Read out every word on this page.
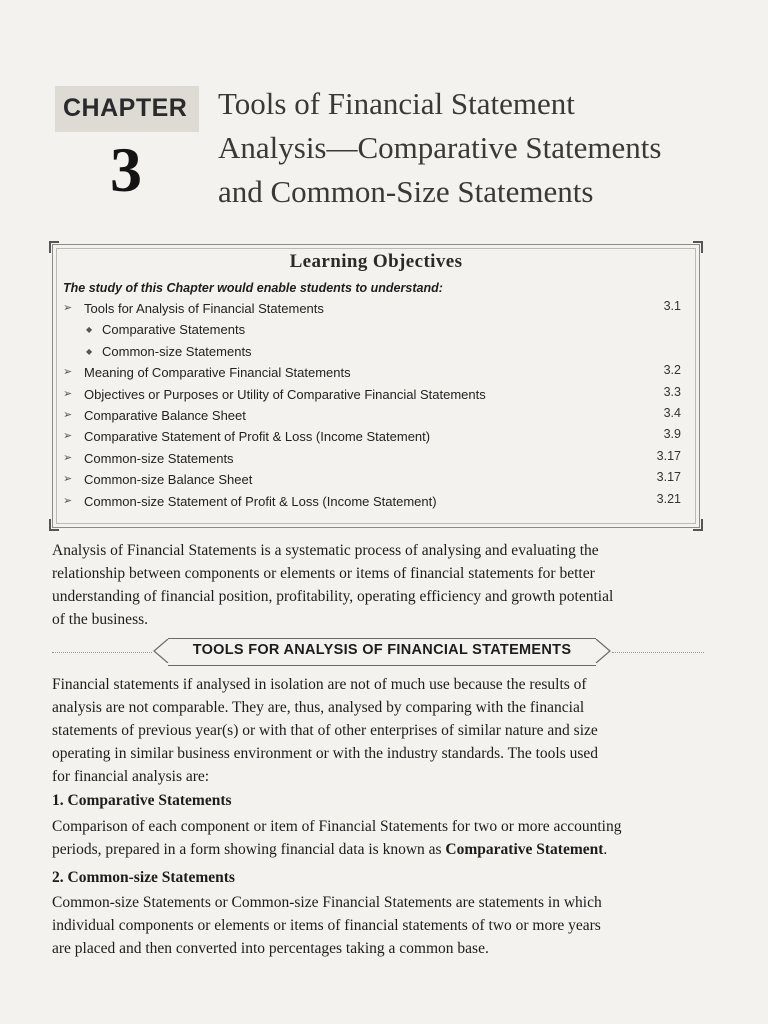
CHAPTER
3
Tools of Financial Statement
Analysis—Comparative Statements
and Common-Size Statements
Learning Objectives
The study of this Chapter would enable students to understand:
➢ Tools for Analysis of Financial Statements	3.1
◆ Comparative Statements
◆ Common-size Statements
➢ Meaning of Comparative Financial Statements	3.2
➢ Objectives or Purposes or Utility of Comparative Financial Statements	3.3
➢ Comparative Balance Sheet	3.4
➢ Comparative Statement of Profit & Loss (Income Statement)	3.9
➢ Common-size Statements	3.17
➢ Common-size Balance Sheet	3.17
➢ Common-size Statement of Profit & Loss (Income Statement)	3.21
Analysis of Financial Statements is a systematic process of analysing and evaluating the
relationship between components or elements or items of financial statements for better
understanding of financial position, profitability, operating efficiency and growth potential
of the business.
TOOLS FOR ANALYSIS OF FINANCIAL STATEMENTS
Financial statements if analysed in isolation are not of much use because the results of
analysis are not comparable. They are, thus, analysed by comparing with the financial
statements of previous year(s) or with that of other enterprises of similar nature and size
operating in similar business environment or with the industry standards. The tools used
for financial analysis are:
1. Comparative Statements
Comparison of each component or item of Financial Statements for two or more accounting
periods, prepared in a form showing financial data is known as Comparative Statement.
2. Common-size Statements
Common-size Statements or Common-size Financial Statements are statements in which
individual components or elements or items of financial statements of two or more years
are placed and then converted into percentages taking a common base.
